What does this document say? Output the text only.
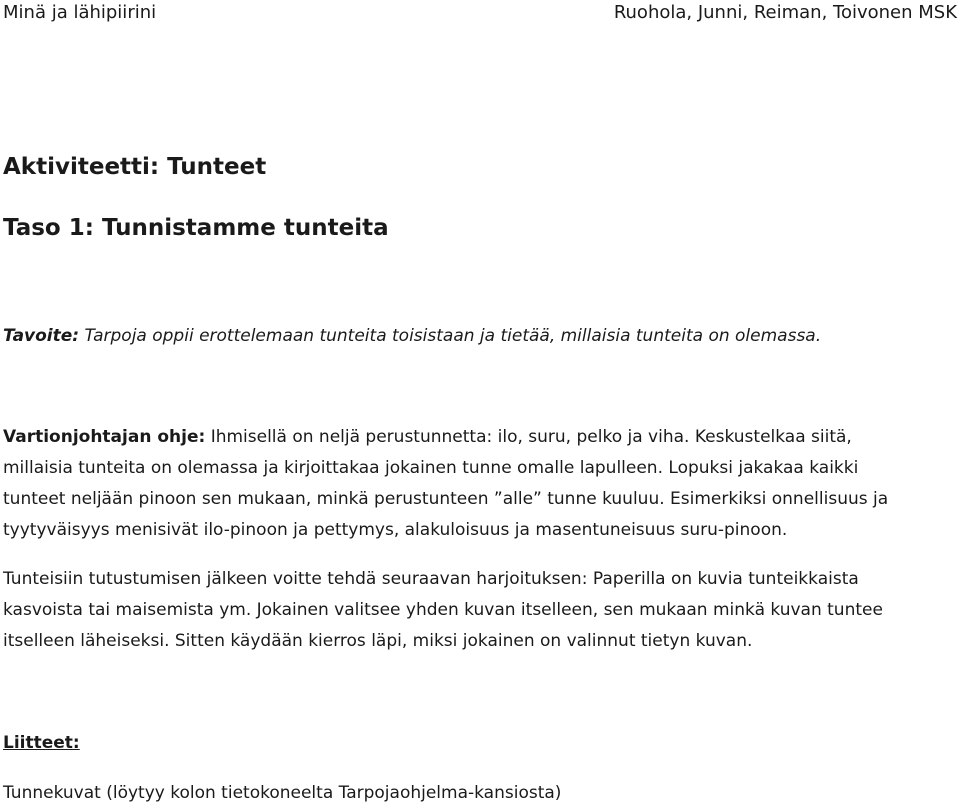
Minä ja lähipiirini	Ruohola, Junni, Reiman, Toivonen MSK
Aktiviteetti: Tunteet
Taso 1: Tunnistamme tunteita
Tavoite: Tarpoja oppii erottelemaan tunteita toisistaan ja tietää, millaisia tunteita on olemassa.
Vartionjohtajan ohje: Ihmisellä on neljä perustunnetta: ilo, suru, pelko ja viha. Keskustelkaa siitä,
millaisia tunteita on olemassa ja kirjoittakaa jokainen tunne omalle lapulleen. Lopuksi jakakaa kaikki
tunteet neljään pinoon sen mukaan, minkä perustunteen ”alle” tunne kuuluu. Esimerkiksi onnellisuus ja
tyytyväisyys menisivät ilo-pinoon ja pettymys, alakuloisuus ja masentuneisuus suru-pinoon.
Tunteisiin tutustumisen jälkeen voitte tehdä seuraavan harjoituksen: Paperilla on kuvia tunteikkaista
kasvoista tai maisemista ym. Jokainen valitsee yhden kuvan itselleen, sen mukaan minkä kuvan tuntee
itselleen läheiseksi. Sitten käydään kierros läpi, miksi jokainen on valinnut tietyn kuvan.
Liitteet:
Tunnekuvat (löytyy kolon tietokoneelta Tarpojaohjelma-kansiosta)
